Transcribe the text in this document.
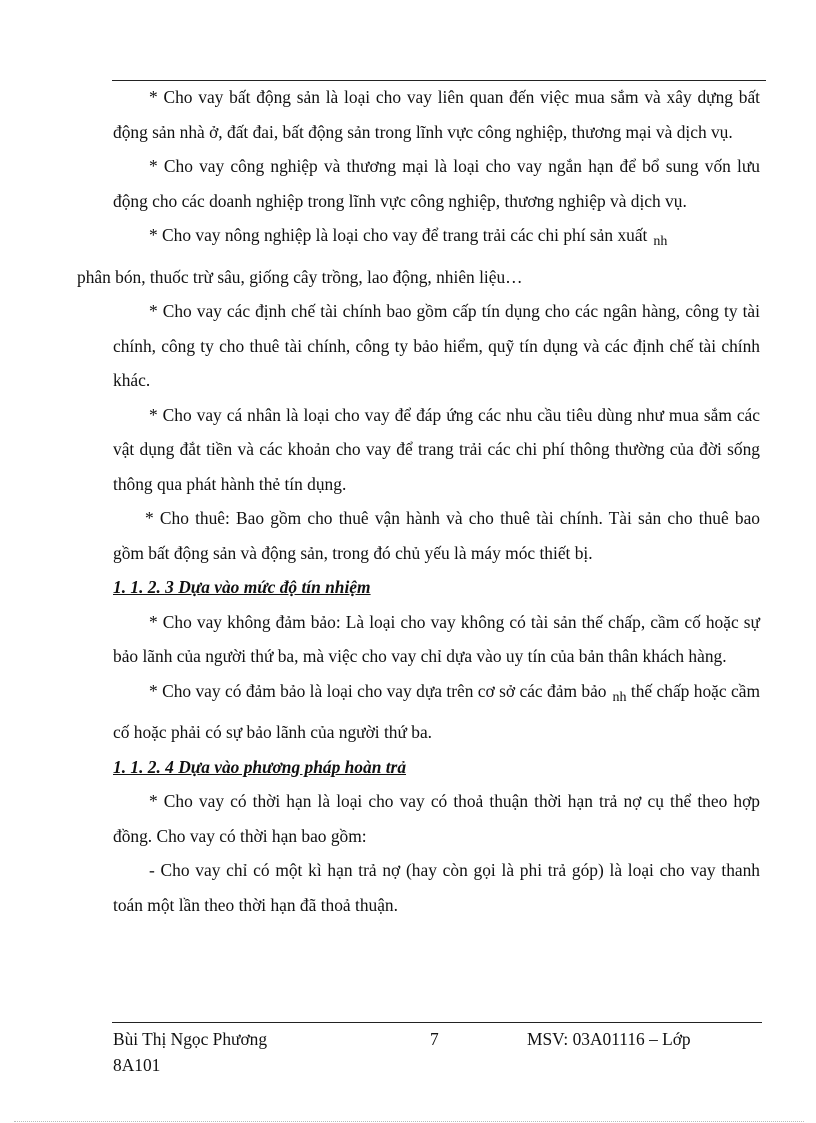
* Cho vay bất động sản là loại cho vay liên quan đến việc mua sắm và xây dựng bất động sản nhà ở, đất đai, bất động sản trong lĩnh vực công nghiệp, thương mại và dịch vụ.

* Cho vay công nghiệp và thương mại là loại cho vay ngắn hạn để bổ sung vốn lưu động cho các doanh nghiệp trong lĩnh vực công nghiệp, thương nghiệp và dịch vụ.

* Cho vay nông nghiệp là loại cho vay để trang trải các chi phí sản xuất $_{nh}$
phân bón, thuốc trừ sâu, giống cây trồng, lao động, nhiên liệu…

* Cho vay các định chế tài chính bao gồm cấp tín dụng cho các ngân hàng, công ty tài chính, công ty cho thuê tài chính, công ty bảo hiểm, quỹ tín dụng và các định chế tài chính khác.

* Cho vay cá nhân là loại cho vay để đáp ứng các nhu cầu tiêu dùng như mua sắm các vật dụng đắt tiền và các khoản cho vay để trang trải các chi phí thông thường của đời sống thông qua phát hành thẻ tín dụng.

* Cho thuê: Bao gồm cho thuê vận hành và cho thuê tài chính. Tài sản cho thuê bao gồm bất động sản và động sản, trong đó chủ yếu là máy móc thiết bị.

1. 1. 2. 3 Dựa vào mức độ tín nhiệm

* Cho vay không đảm bảo: Là loại cho vay không có tài sản thế chấp, cầm cố hoặc sự bảo lãnh của người thứ ba, mà việc cho vay chỉ dựa vào uy tín của bản thân khách hàng.

* Cho vay có đảm bảo là loại cho vay dựa trên cơ sở các đảm bảo $_{nh}$ thế chấp hoặc cầm cố hoặc phải có sự bảo lãnh của người thứ ba.

1. 1. 2. 4 Dựa vào phương pháp hoàn trả

* Cho vay có thời hạn là loại cho vay có thoả thuận thời hạn trả nợ cụ thể theo hợp đồng. Cho vay có thời hạn bao gồm:

- Cho vay chỉ có một kì hạn trả nợ (hay còn gọi là phi trả góp) là loại cho vay thanh toán một lần theo thời hạn đã thoả thuận.

Bùi Thị Ngọc Phương
8A101
7	MSV: 03A01116 – Lớp
